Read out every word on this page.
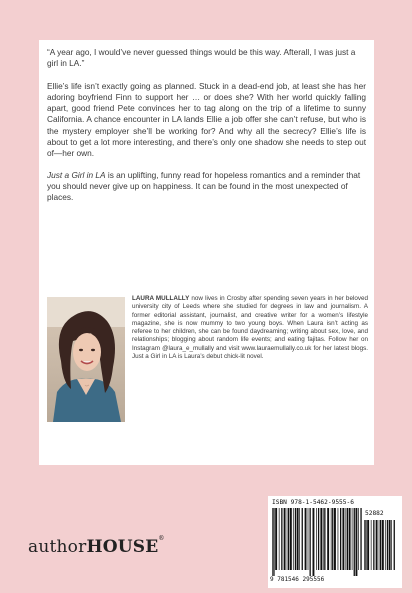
“A year ago, I would’ve never guessed things would be this way. Afterall, I was just a girl in LA.”

Ellie’s life isn’t exactly going as planned. Stuck in a dead-end job, at least she has her adoring boyfriend Finn to support her … or does she? With her world quickly falling apart, good friend Pete convinces her to tag along on the trip of a lifetime to sunny California. A chance encounter in LA lands Ellie a job offer she can’t refuse, but who is the mystery employer she’ll be working for? And why all the secrecy? Ellie’s life is about to get a lot more interesting, and there’s only one shadow she needs to step out of—her own.

Just a Girl in LA is an uplifting, funny read for hopeless romantics and a reminder that you should never give up on happiness. It can be found in the most unexpected of places.

LAURA MULLALLY now lives in Crosby after spending seven years in her beloved university city of Leeds where she studied for degrees in law and journalism. A former editorial assistant, journalist, and creative writer for a women’s lifestyle magazine, she is now mummy to two young boys. When Laura isn’t acting as referee to her children, she can be found daydreaming; writing about sex, love, and relationships; blogging about random life events; and eating fajitas. Follow her on Instagram @laura_e_mullally and visit www.lauraemullally.co.uk for her latest blogs. Just a Girl in LA is Laura’s debut chick-lit novel.
authorHOUSE®
ISBN 978-1-5462-9555-6
52882
9 781546 295556
